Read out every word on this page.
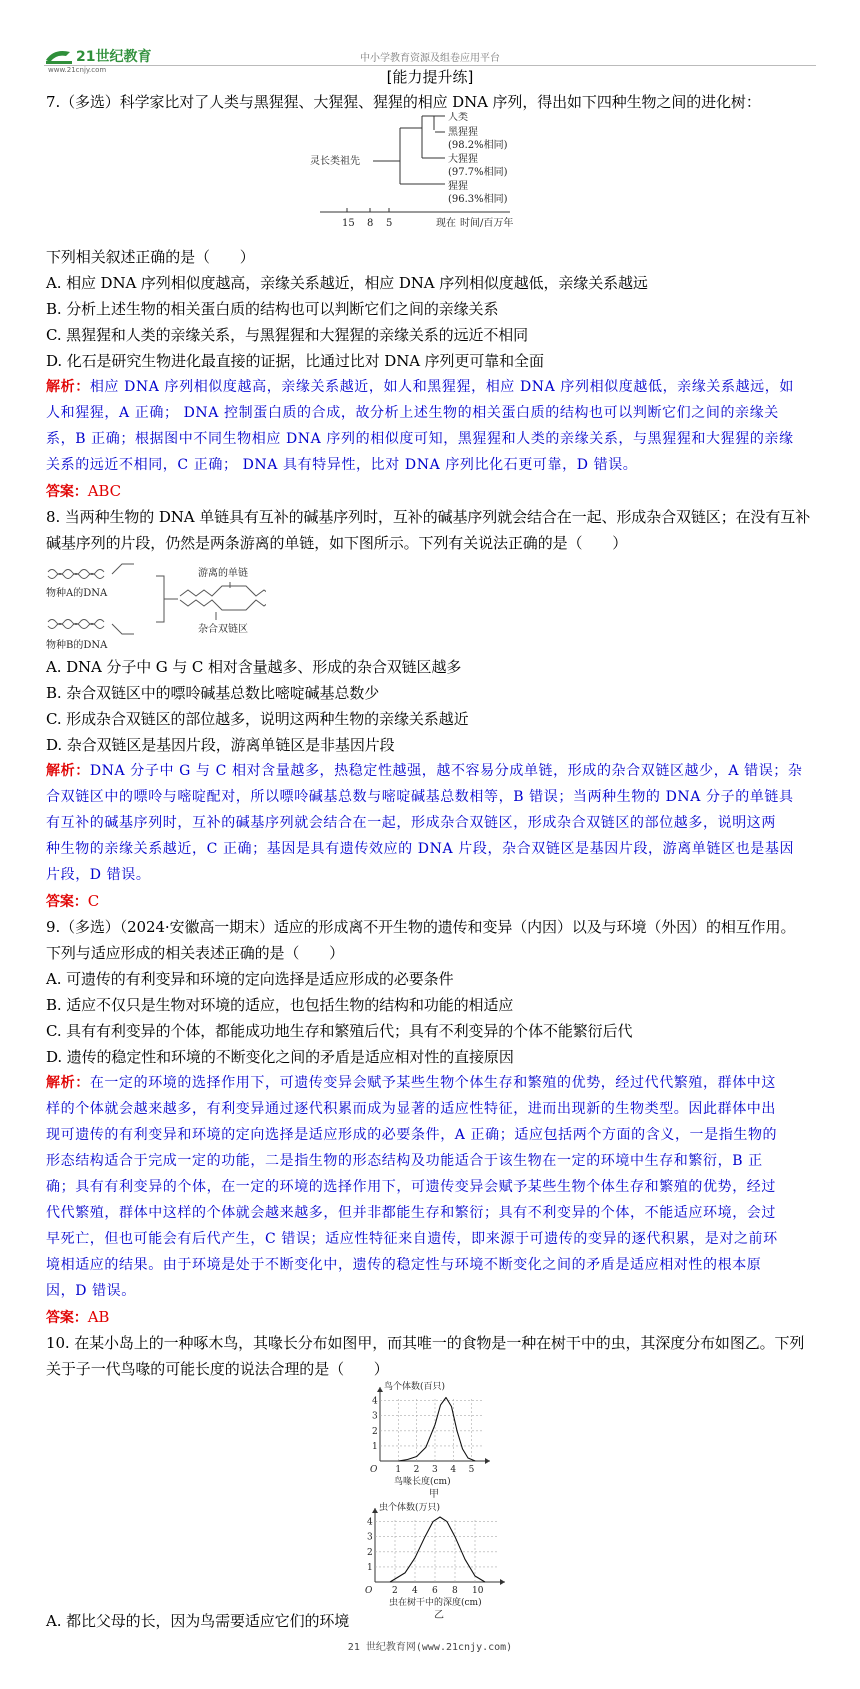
21世纪教育
www.21cnjy.com
中小学教育资源及组卷应用平台
[能力提升练]
7.（多选）科学家比对了人类与黑猩猩、大猩猩、猩猩的相应 DNA 序列，得出如下四种生物之间的进化树：
灵长类祖先
人类
黑猩猩
(98.2%相同)
大猩猩
(97.7%相同)
猩猩
(96.3%相同)
15 8 5	现在 时间/百万年
下列相关叙述正确的是（　　）
A. 相应 DNA 序列相似度越高，亲缘关系越近，相应 DNA 序列相似度越低，亲缘关系越远
B. 分析上述生物的相关蛋白质的结构也可以判断它们之间的亲缘关系
C. 黑猩猩和人类的亲缘关系，与黑猩猩和大猩猩的亲缘关系的远近不相同
D. 化石是研究生物进化最直接的证据，比通过比对 DNA 序列更可靠和全面
解析：相应 DNA 序列相似度越高，亲缘关系越近，如人和黑猩猩，相应 DNA 序列相似度越低，亲缘关系越远，如
人和猩猩，A 正确； DNA 控制蛋白质的合成，故分析上述生物的相关蛋白质的结构也可以判断它们之间的亲缘关
系，B 正确；根据图中不同生物相应 DNA 序列的相似度可知，黑猩猩和人类的亲缘关系，与黑猩猩和大猩猩的亲缘
关系的远近不相同，C 正确； DNA 具有特异性，比对 DNA 序列比化石更可靠，D 错误。
答案：ABC
8. 当两种生物的 DNA 单链具有互补的碱基序列时，互补的碱基序列就会结合在一起、形成杂合双链区；在没有互补
碱基序列的片段，仍然是两条游离的单链，如下图所示。下列有关说法正确的是（　　）
物种A的DNA
物种B的DNA
游离的单链
杂合双链区
A. DNA 分子中 G 与 C 相对含量越多、形成的杂合双链区越多
B. 杂合双链区中的嘌呤碱基总数比嘧啶碱基总数少
C. 形成杂合双链区的部位越多，说明这两种生物的亲缘关系越近
D. 杂合双链区是基因片段，游离单链区是非基因片段
解析：DNA 分子中 G 与 C 相对含量越多，热稳定性越强，越不容易分成单链，形成的杂合双链区越少，A 错误；杂
合双链区中的嘌呤与嘧啶配对，所以嘌呤碱基总数与嘧啶碱基总数相等，B 错误；当两种生物的 DNA 分子的单链具
有互补的碱基序列时，互补的碱基序列就会结合在一起，形成杂合双链区，形成杂合双链区的部位越多，说明这两
种生物的亲缘关系越近，C 正确；基因是具有遗传效应的 DNA 片段，杂合双链区是基因片段，游离单链区也是基因
片段，D 错误。
答案：C
9.（多选）（2024·安徽高一期末）适应的形成离不开生物的遗传和变异（内因）以及与环境（外因）的相互作用。
下列与适应形成的相关表述正确的是（　　）
A. 可遗传的有利变异和环境的定向选择是适应形成的必要条件
B. 适应不仅只是生物对环境的适应，也包括生物的结构和功能的相适应
C. 具有有利变异的个体，都能成功地生存和繁殖后代；具有不利变异的个体不能繁衍后代
D. 遗传的稳定性和环境的不断变化之间的矛盾是适应相对性的直接原因
解析：在一定的环境的选择作用下，可遗传变异会赋予某些生物个体生存和繁殖的优势，经过代代繁殖，群体中这
样的个体就会越来越多，有利变异通过逐代积累而成为显著的适应性特征，进而出现新的生物类型。因此群体中出
现可遗传的有利变异和环境的定向选择是适应形成的必要条件，A 正确；适应包括两个方面的含义，一是指生物的
形态结构适合于完成一定的功能，二是指生物的形态结构及功能适合于该生物在一定的环境中生存和繁衍，B 正
确；具有有利变异的个体，在一定的环境的选择作用下，可遗传变异会赋予某些生物个体生存和繁殖的优势，经过
代代繁殖，群体中这样的个体就会越来越多，但并非都能生存和繁衍；具有不利变异的个体，不能适应环境，会过
早死亡，但也可能会有后代产生，C 错误；适应性特征来自遗传，即来源于可遗传的变异的逐代积累，是对之前环
境相适应的结果。由于环境是处于不断变化中，遗传的稳定性与环境不断变化之间的矛盾是适应相对性的根本原
因，D 错误。
答案：AB
10. 在某小岛上的一种啄木鸟，其喙长分布如图甲，而其唯一的食物是一种在树干中的虫，其深度分布如图乙。下列
关于子一代鸟喙的可能长度的说法合理的是（　　）
1
2
3
4
1 2 3 4 5
O
鸟个体数(百只)
鸟喙长度(cm)
甲
1
2
3
4
2 4 6 8 10
O
虫个体数(万只)
虫在树干中的深度(cm)
乙
A. 都比父母的长，因为鸟需要适应它们的环境
21 世纪教育网(www.21cnjy.com)
